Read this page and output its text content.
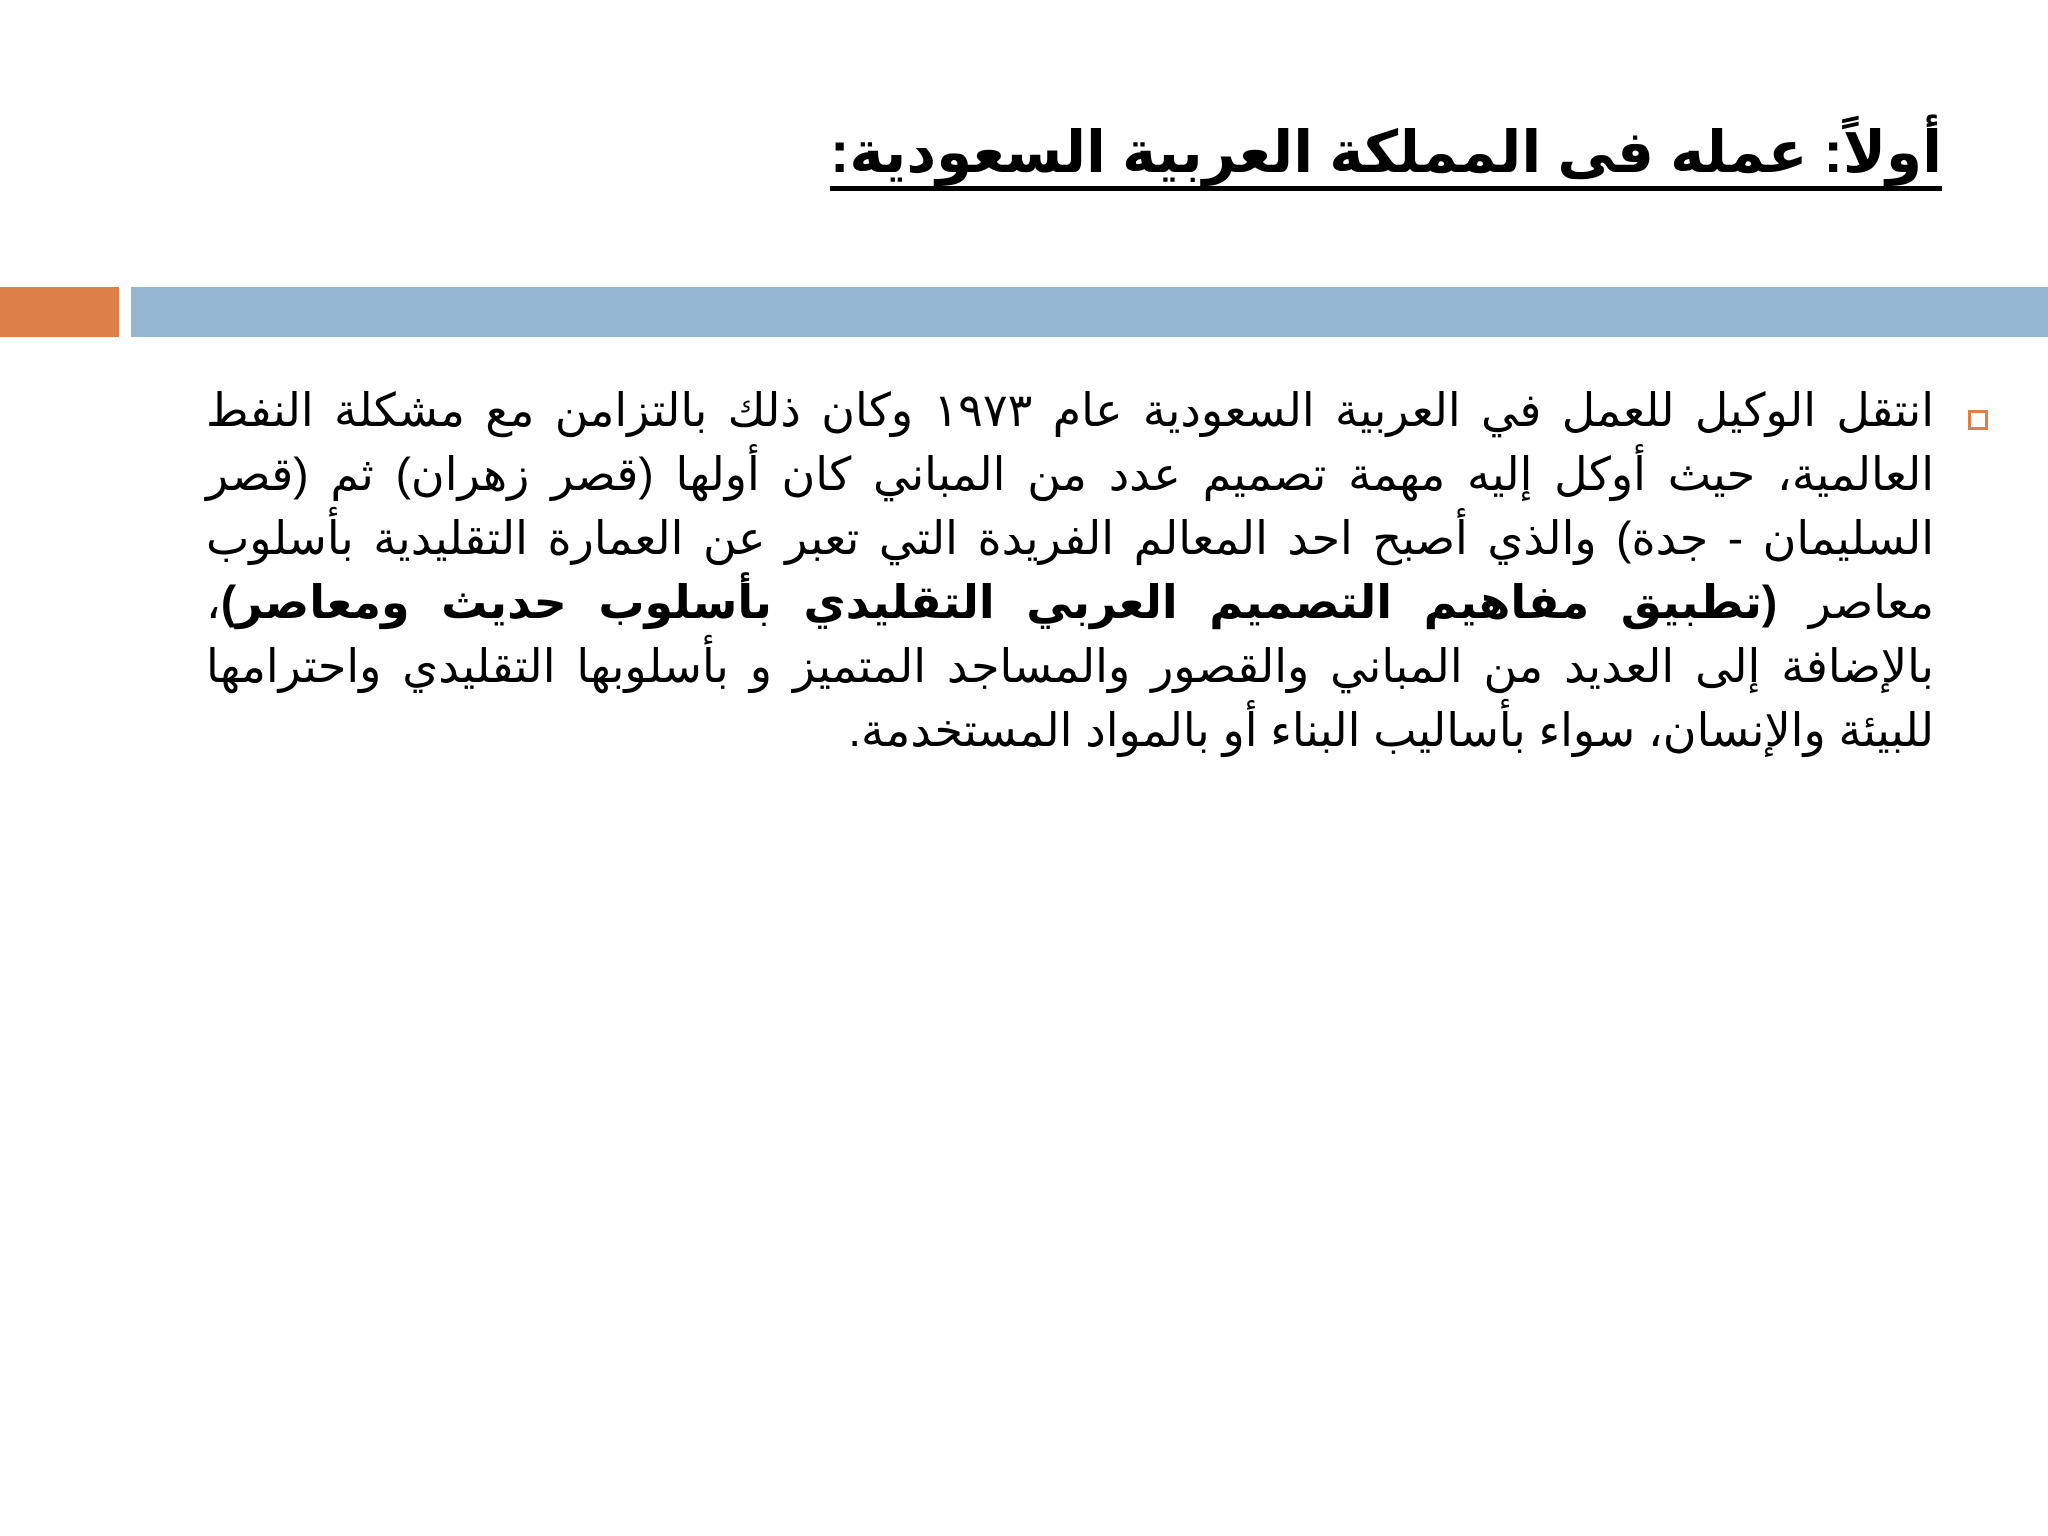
أولاً: عمله فى المملكة العربية السعودية:

انتقل الوكيل للعمل في العربية السعودية عام ١٩٧٣ وكان ذلك بالتزامن مع مشكلة النفط العالمية، حيث أوكل إليه مهمة تصميم عدد من المباني كان أولها (قصر زهران) ثم (قصر السليمان - جدة) والذي أصبح احد المعالم الفريدة التي تعبر عن العمارة التقليدية بأسلوب معاصر (تطبيق مفاهيم التصميم العربي التقليدي بأسلوب حديث ومعاصر)، بالإضافة إلى العديد من المباني والقصور والمساجد المتميز و بأسلوبها التقليدي واحترامها للبيئة والإنسان، سواء بأساليب البناء أو بالمواد المستخدمة.
